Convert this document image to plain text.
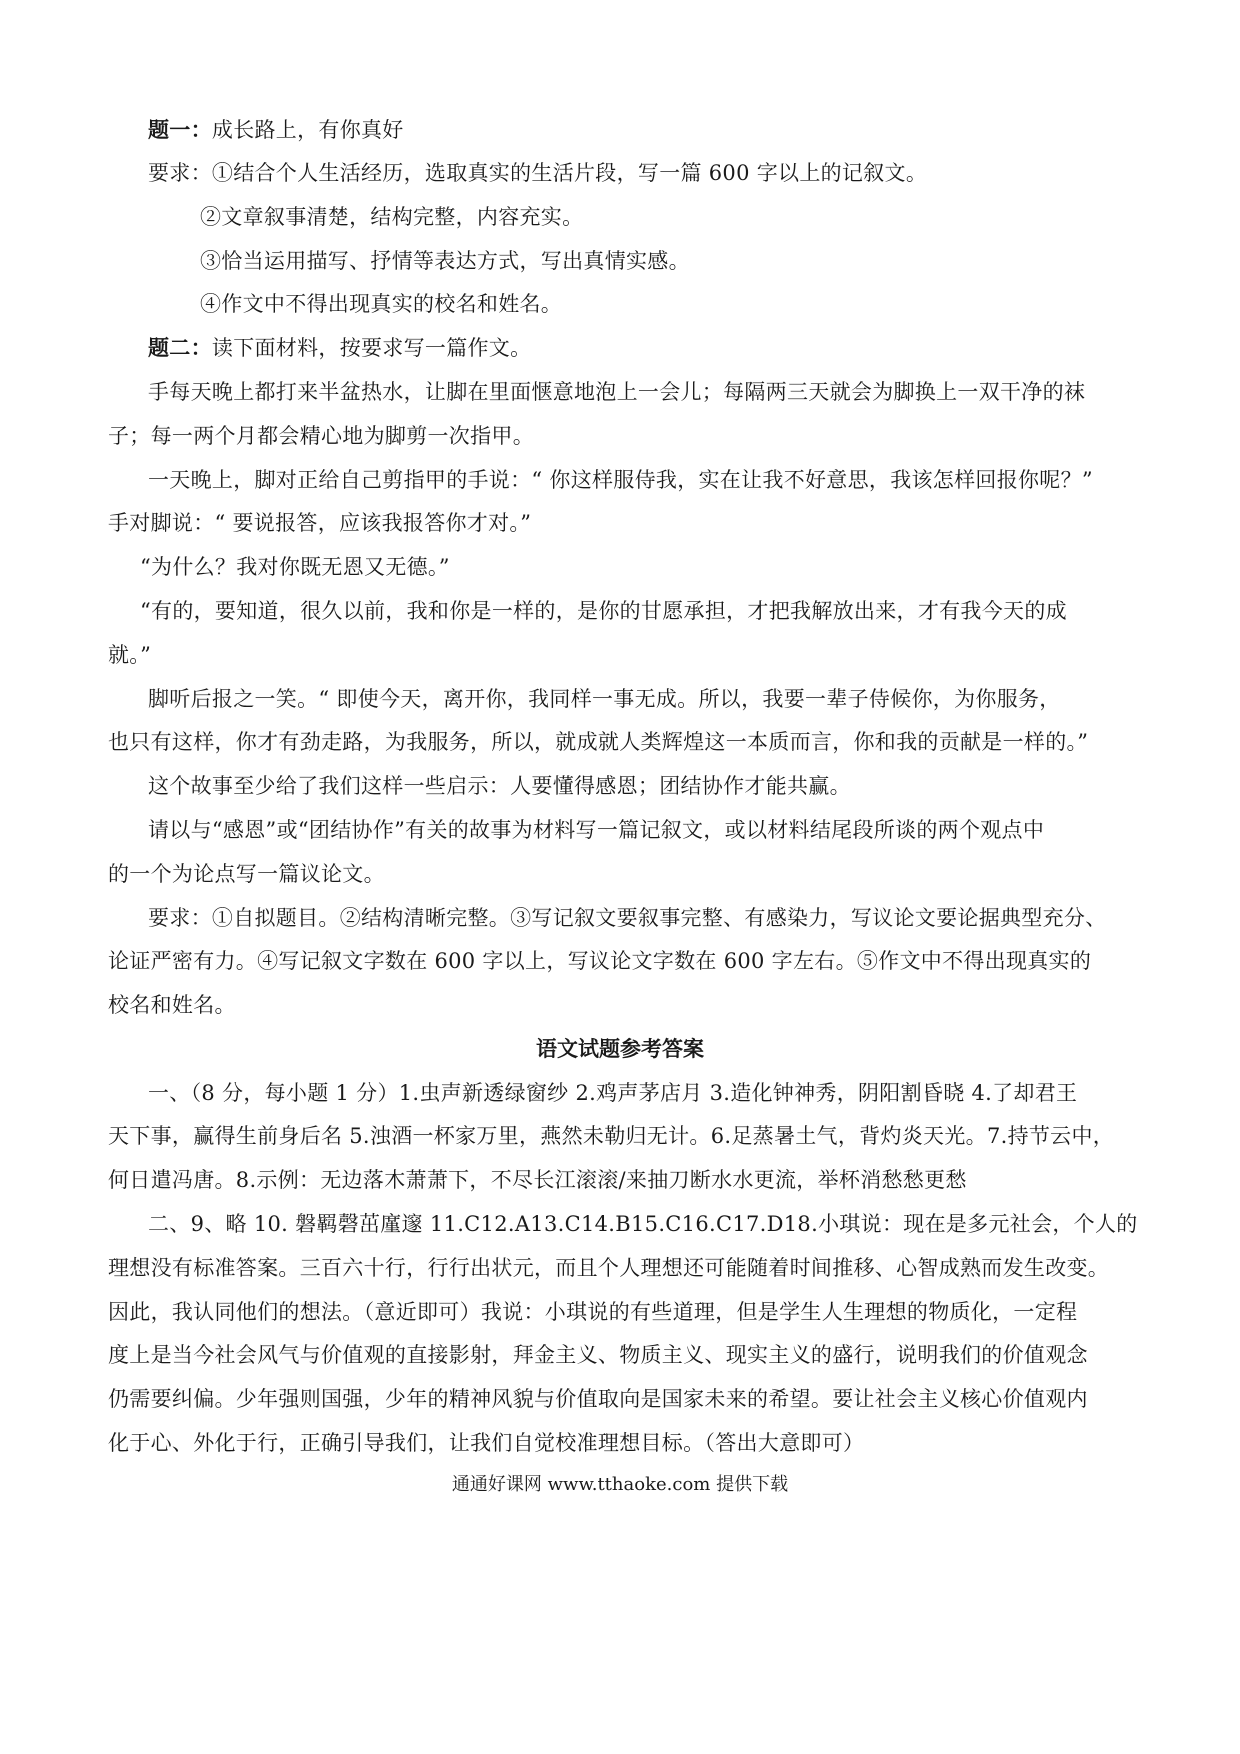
题一：成长路上，有你真好
要求：①结合个人生活经历，选取真实的生活片段，写一篇 600 字以上的记叙文。
②文章叙事清楚，结构完整，内容充实。
③恰当运用描写、抒情等表达方式，写出真情实感。
④作文中不得出现真实的校名和姓名。
题二：读下面材料，按要求写一篇作文。
手每天晚上都打来半盆热水，让脚在里面惬意地泡上一会儿；每隔两三天就会为脚换上一双干净的袜
子；每一两个月都会精心地为脚剪一次指甲。
一天晚上，脚对正给自己剪指甲的手说：“ 你这样服侍我，实在让我不好意思，我该怎样回报你呢？”
手对脚说：“ 要说报答，应该我报答你才对。”
“为什么？我对你既无恩又无德。”
“有的，要知道，很久以前，我和你是一样的，是你的甘愿承担，才把我解放出来，才有我今天的成
就。”
脚听后报之一笑。“ 即使今天，离开你，我同样一事无成。所以，我要一辈子侍候你，为你服务，
也只有这样，你才有劲走路，为我服务，所以，就成就人类辉煌这一本质而言，你和我的贡献是一样的。”
这个故事至少给了我们这样一些启示：人要懂得感恩；团结协作才能共赢。
请以与“感恩”或“团结协作”有关的故事为材料写一篇记叙文，或以材料结尾段所谈的两个观点中
的一个为论点写一篇议论文。
要求：①自拟题目。②结构清晰完整。③写记叙文要叙事完整、有感染力，写议论文要论据典型充分、
论证严密有力。④写记叙文字数在 600 字以上，写议论文字数在 600 字左右。⑤作文中不得出现真实的
校名和姓名。
语文试题参考答案
一、（8 分，每小题 1 分）1.虫声新透绿窗纱 2.鸡声茅店月 3.造化钟神秀，阴阳割昏晓 4.了却君王
天下事，赢得生前身后名 5.浊酒一杯家万里，燕然未勒归无计。6.足蒸暑土气，背灼炎天光。7.持节云中，
何日遣冯唐。8.示例：无边落木萧萧下，不尽长江滚滚/来抽刀断水水更流，举杯消愁愁更愁
二、9、略 10. 磐羁磬茁廑邃 11.C12.A13.C14.B15.C16.C17.D18.小琪说：现在是多元社会，个人的
理想没有标准答案。三百六十行，行行出状元，而且个人理想还可能随着时间推移、心智成熟而发生改变。
因此，我认同他们的想法。（意近即可）我说：小琪说的有些道理，但是学生人生理想的物质化，一定程
度上是当今社会风气与价值观的直接影射，拜金主义、物质主义、现实主义的盛行，说明我们的价值观念
仍需要纠偏。少年强则国强，少年的精神风貌与价值取向是国家未来的希望。要让社会主义核心价值观内
化于心、外化于行，正确引导我们，让我们自觉校准理想目标。（答出大意即可）
通通好课网 www.tthaoke.com 提供下载
